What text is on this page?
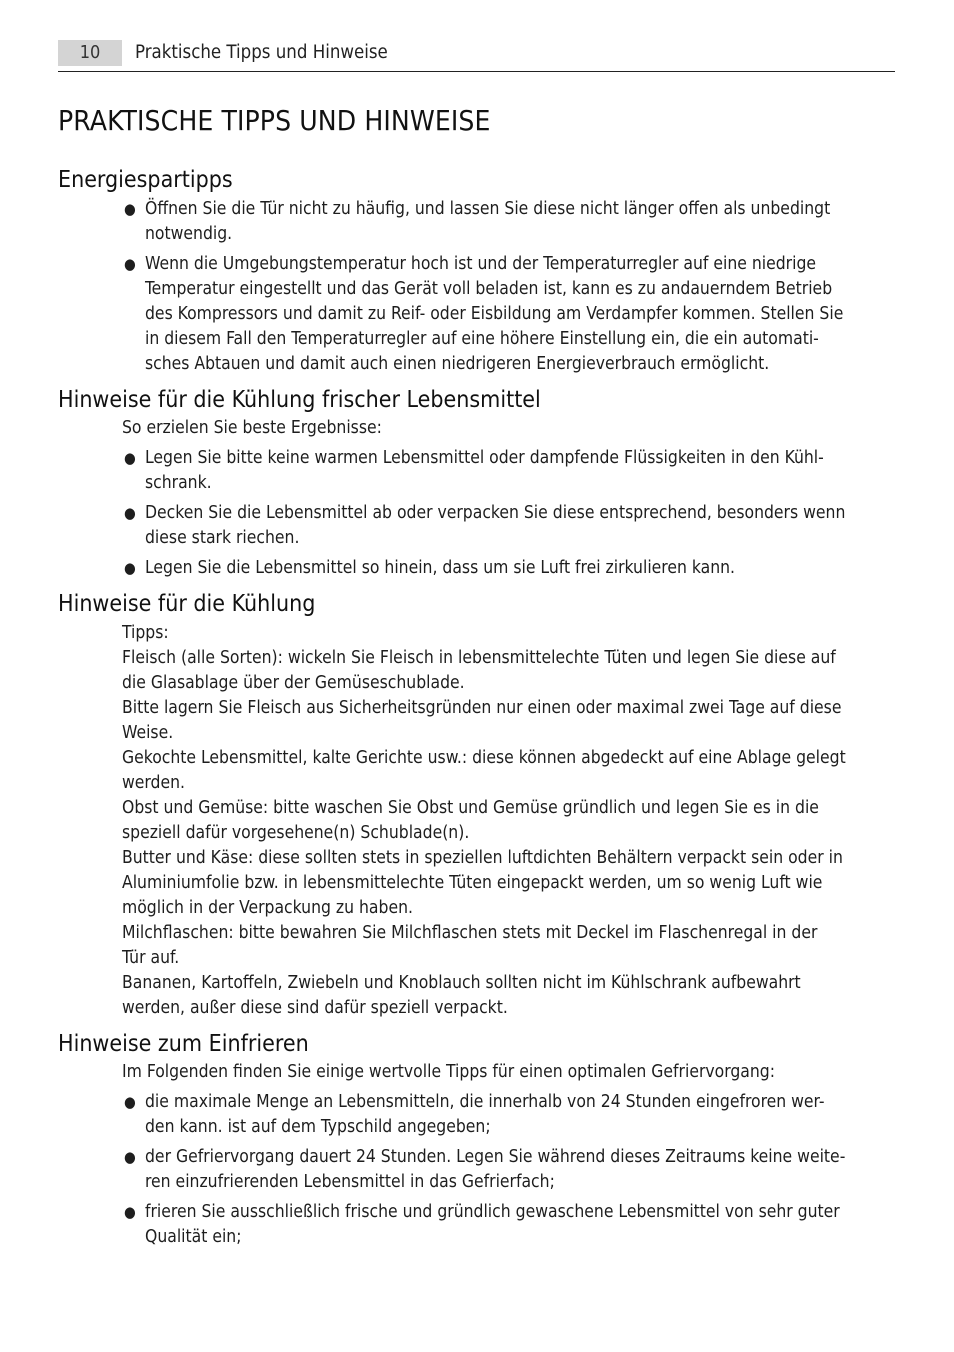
10	Praktische Tipps und Hinweise
PRAKTISCHE TIPPS UND HINWEISE
Energiespartipps
● Öffnen Sie die Tür nicht zu häufig, und lassen Sie diese nicht länger offen als unbedingt
notwendig.
● Wenn die Umgebungstemperatur hoch ist und der Temperaturregler auf eine niedrige
Temperatur eingestellt und das Gerät voll beladen ist, kann es zu andauerndem Betrieb
des Kompressors und damit zu Reif- oder Eisbildung am Verdampfer kommen. Stellen Sie
in diesem Fall den Temperaturregler auf eine höhere Einstellung ein, die ein automati-
sches Abtauen und damit auch einen niedrigeren Energieverbrauch ermöglicht.
Hinweise für die Kühlung frischer Lebensmittel

So erzielen Sie beste Ergebnisse:

● Legen Sie bitte keine warmen Lebensmittel oder dampfende Flüssigkeiten in den Kühl-
schrank.
● Decken Sie die Lebensmittel ab oder verpacken Sie diese entsprechend, besonders wenn
diese stark riechen.
● Legen Sie die Lebensmittel so hinein, dass um sie Luft frei zirkulieren kann.
Hinweise für die Kühlung

Tipps:

Fleisch (alle Sorten): wickeln Sie Fleisch in lebensmittelechte Tüten und legen Sie diese auf

die Glasablage über der Gemüseschublade.

Bitte lagern Sie Fleisch aus Sicherheitsgründen nur einen oder maximal zwei Tage auf diese

Weise.

Gekochte Lebensmittel, kalte Gerichte usw.: diese können abgedeckt auf eine Ablage gelegt

werden.

Obst und Gemüse: bitte waschen Sie Obst und Gemüse gründlich und legen Sie es in die

speziell dafür vorgesehene(n) Schublade(n).

Butter und Käse: diese sollten stets in speziellen luftdichten Behältern verpackt sein oder in

Aluminiumfolie bzw. in lebensmittelechte Tüten eingepackt werden, um so wenig Luft wie

möglich in der Verpackung zu haben.

Milchflaschen: bitte bewahren Sie Milchflaschen stets mit Deckel im Flaschenregal in der

Tür auf.

Bananen, Kartoffeln, Zwiebeln und Knoblauch sollten nicht im Kühlschrank aufbewahrt

werden, außer diese sind dafür speziell verpackt.

Hinweise zum Einfrieren

Im Folgenden finden Sie einige wertvolle Tipps für einen optimalen Gefriervorgang:

● die maximale Menge an Lebensmitteln, die innerhalb von 24 Stunden eingefroren wer-
den kann. ist auf dem Typschild angegeben;
● der Gefriervorgang dauert 24 Stunden. Legen Sie während dieses Zeitraums keine weite-
ren einzufrierenden Lebensmittel in das Gefrierfach;
● frieren Sie ausschließlich frische und gründlich gewaschene Lebensmittel von sehr guter
Qualität ein;
